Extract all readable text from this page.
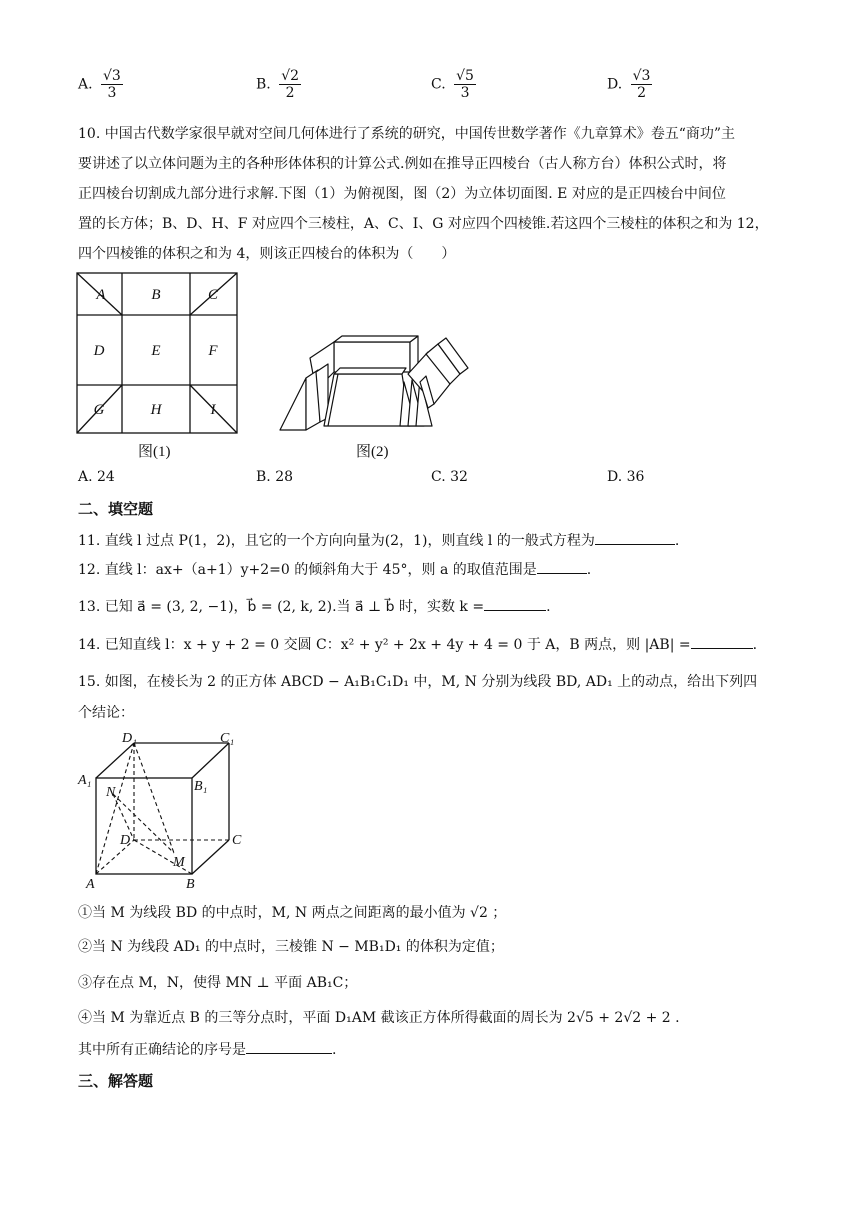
A. $\frac{√3}{3}$	B. $\frac{√2}{2}$	C. $\frac{√5}{3}$	D. $\frac{√3}{2}$
10. 中国古代数学家很早就对空间几何体进行了系统的研究，中国传世数学著作《九章算术》卷五“商功”主
要讲述了以立体问题为主的各种形体体积的计算公式.例如在推导正四棱台（古人称方台）体积公式时，将
正四棱台切割成九部分进行求解.下图（1）为俯视图，图（2）为立体切面图. E 对应的是正四棱台中间位
置的长方体；B、D、H、F 对应四个三棱柱，A、C、I、G 对应四个四棱锥.若这四个三棱柱的体积之和为 12，
四个四棱锥的体积之和为 4，则该正四棱台的体积为（　　）
A	B	C
D	E	F
G	H	I
图(1)	图(2)
A. 24	B. 28	C. 32	D. 36
二、填空题
11. 直线 l 过点 P(1，2)，且它的一个方向向量为(2，1)，则直线 l 的一般式方程为	.
12. 直线 l：ax+（a+1）y+2=0 的倾斜角大于 45°，则 a 的取值范围是	.
13. 已知 a⃗ = (3, 2, −1)，b⃗ = (2, k, 2).当 a⃗ ⊥ b⃗ 时，实数 k =	.
14. 已知直线 l：x + y + 2 = 0 交圆 C：x² + y² + 2x + 4y + 4 = 0 于 A，B 两点，则 |AB| =	.
15. 如图，在棱长为 2 的正方体 ABCD − A₁B₁C₁D₁ 中，M, N 分别为线段 BD, AD₁ 上的动点，给出下列四
个结论：
D₁	C₁
A₁	B₁
N
D	C
M
A	B
①当 M 为线段 BD 的中点时，M, N 两点之间距离的最小值为 √2 ；
②当 N 为线段 AD₁ 的中点时，三棱锥 N − MB₁D₁ 的体积为定值；
③存在点 M，N，使得 MN ⊥ 平面 AB₁C；
④当 M 为靠近点 B 的三等分点时，平面 D₁AM 截该正方体所得截面的周长为 2√5 + 2√2 + 2 .
其中所有正确结论的序号是	.
三、解答题
